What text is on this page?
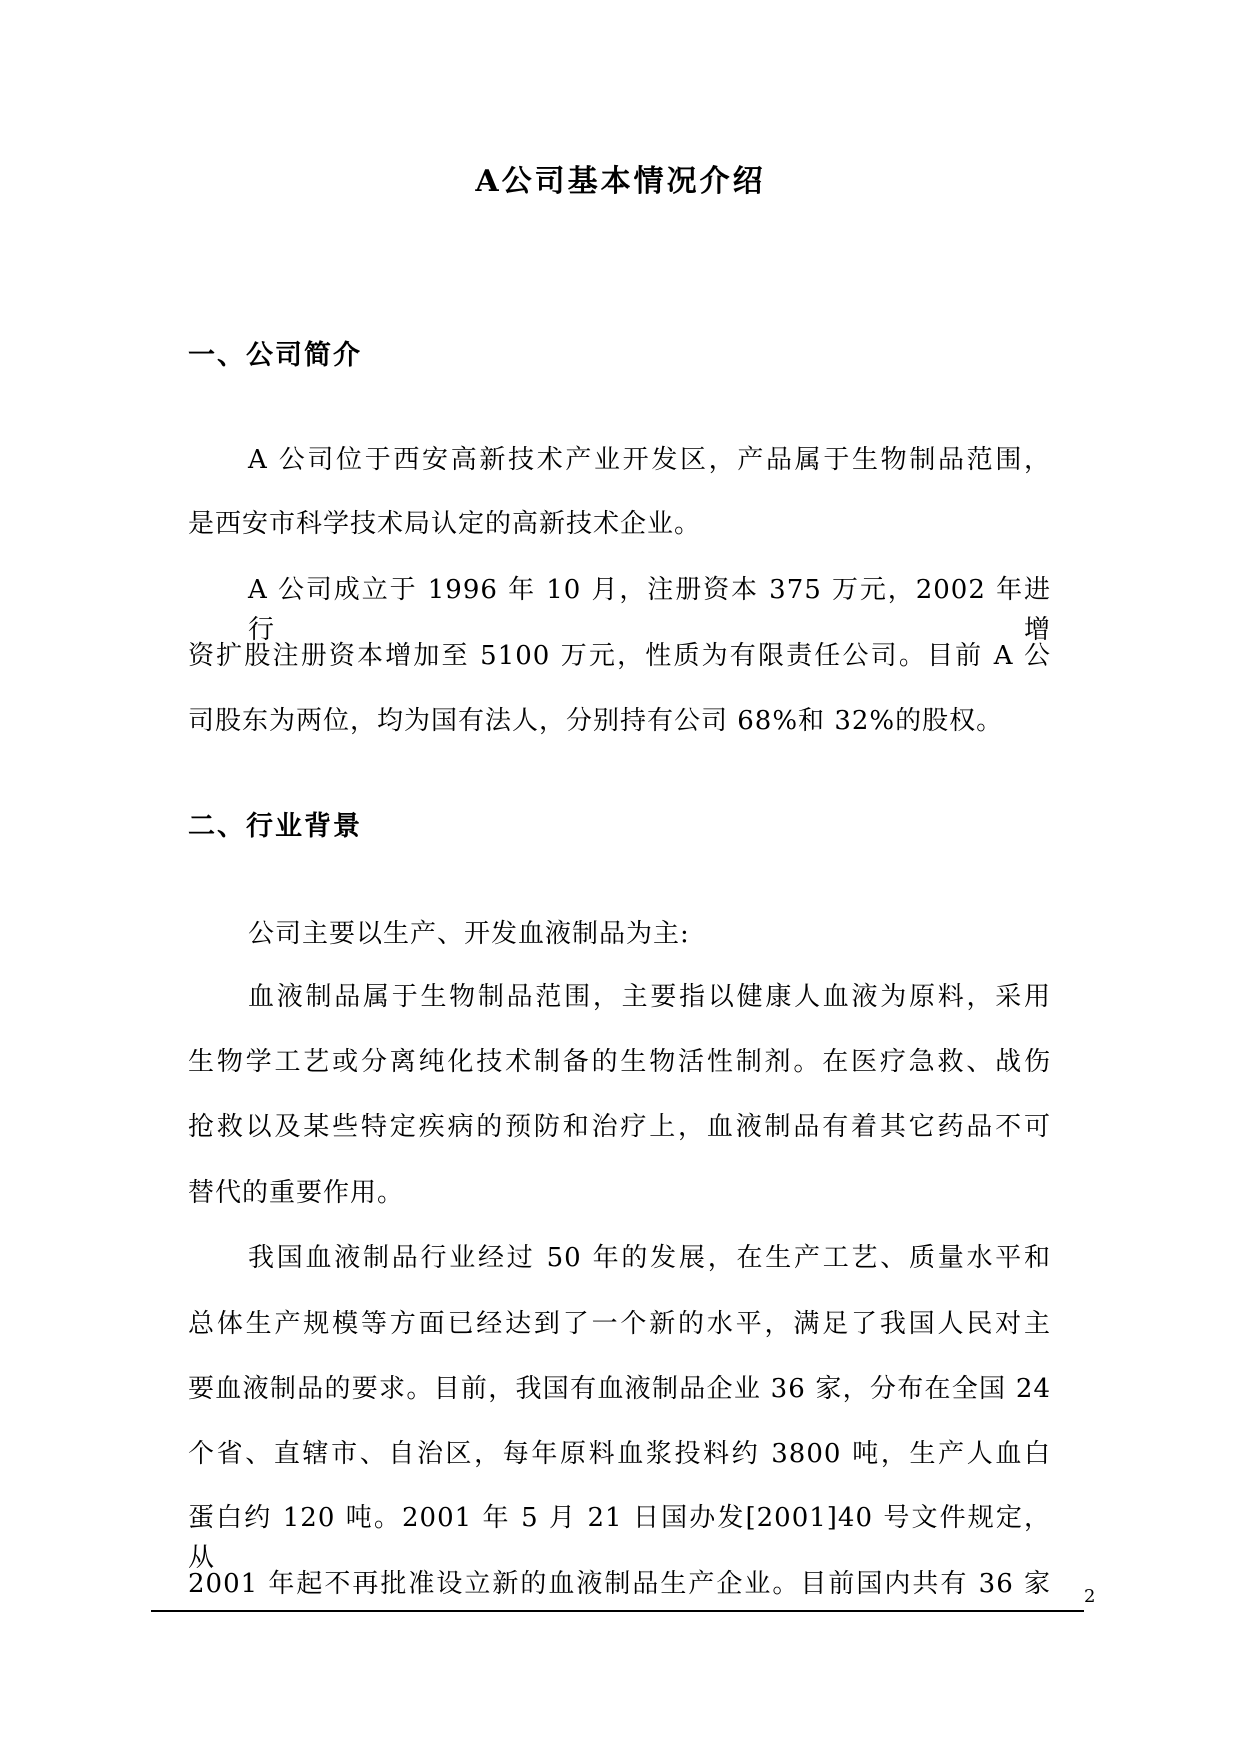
A公司基本情况介绍
一、公司简介
A 公司位于西安高新技术产业开发区，产品属于生物制品范围，
是西安市科学技术局认定的高新技术企业。
A 公司成立于 1996 年 10 月，注册资本 375 万元，2002 年进行增
资扩股注册资本增加至 5100 万元，性质为有限责任公司。目前 A 公
司股东为两位，均为国有法人，分别持有公司 68%和 32%的股权。
二、行业背景
公司主要以生产、开发血液制品为主:
血液制品属于生物制品范围，主要指以健康人血液为原料，采用
生物学工艺或分离纯化技术制备的生物活性制剂。在医疗急救、战伤
抢救以及某些特定疾病的预防和治疗上，血液制品有着其它药品不可
替代的重要作用。
我国血液制品行业经过 50 年的发展，在生产工艺、质量水平和
总体生产规模等方面已经达到了一个新的水平，满足了我国人民对主
要血液制品的要求。目前，我国有血液制品企业 36 家，分布在全国 24
个省、直辖市、自治区，每年原料血浆投料约 3800 吨，生产人血白
蛋白约 120 吨。2001 年 5 月 21 日国办发[2001]40 号文件规定，从
2001 年起不再批准设立新的血液制品生产企业。目前国内共有 36 家 2
